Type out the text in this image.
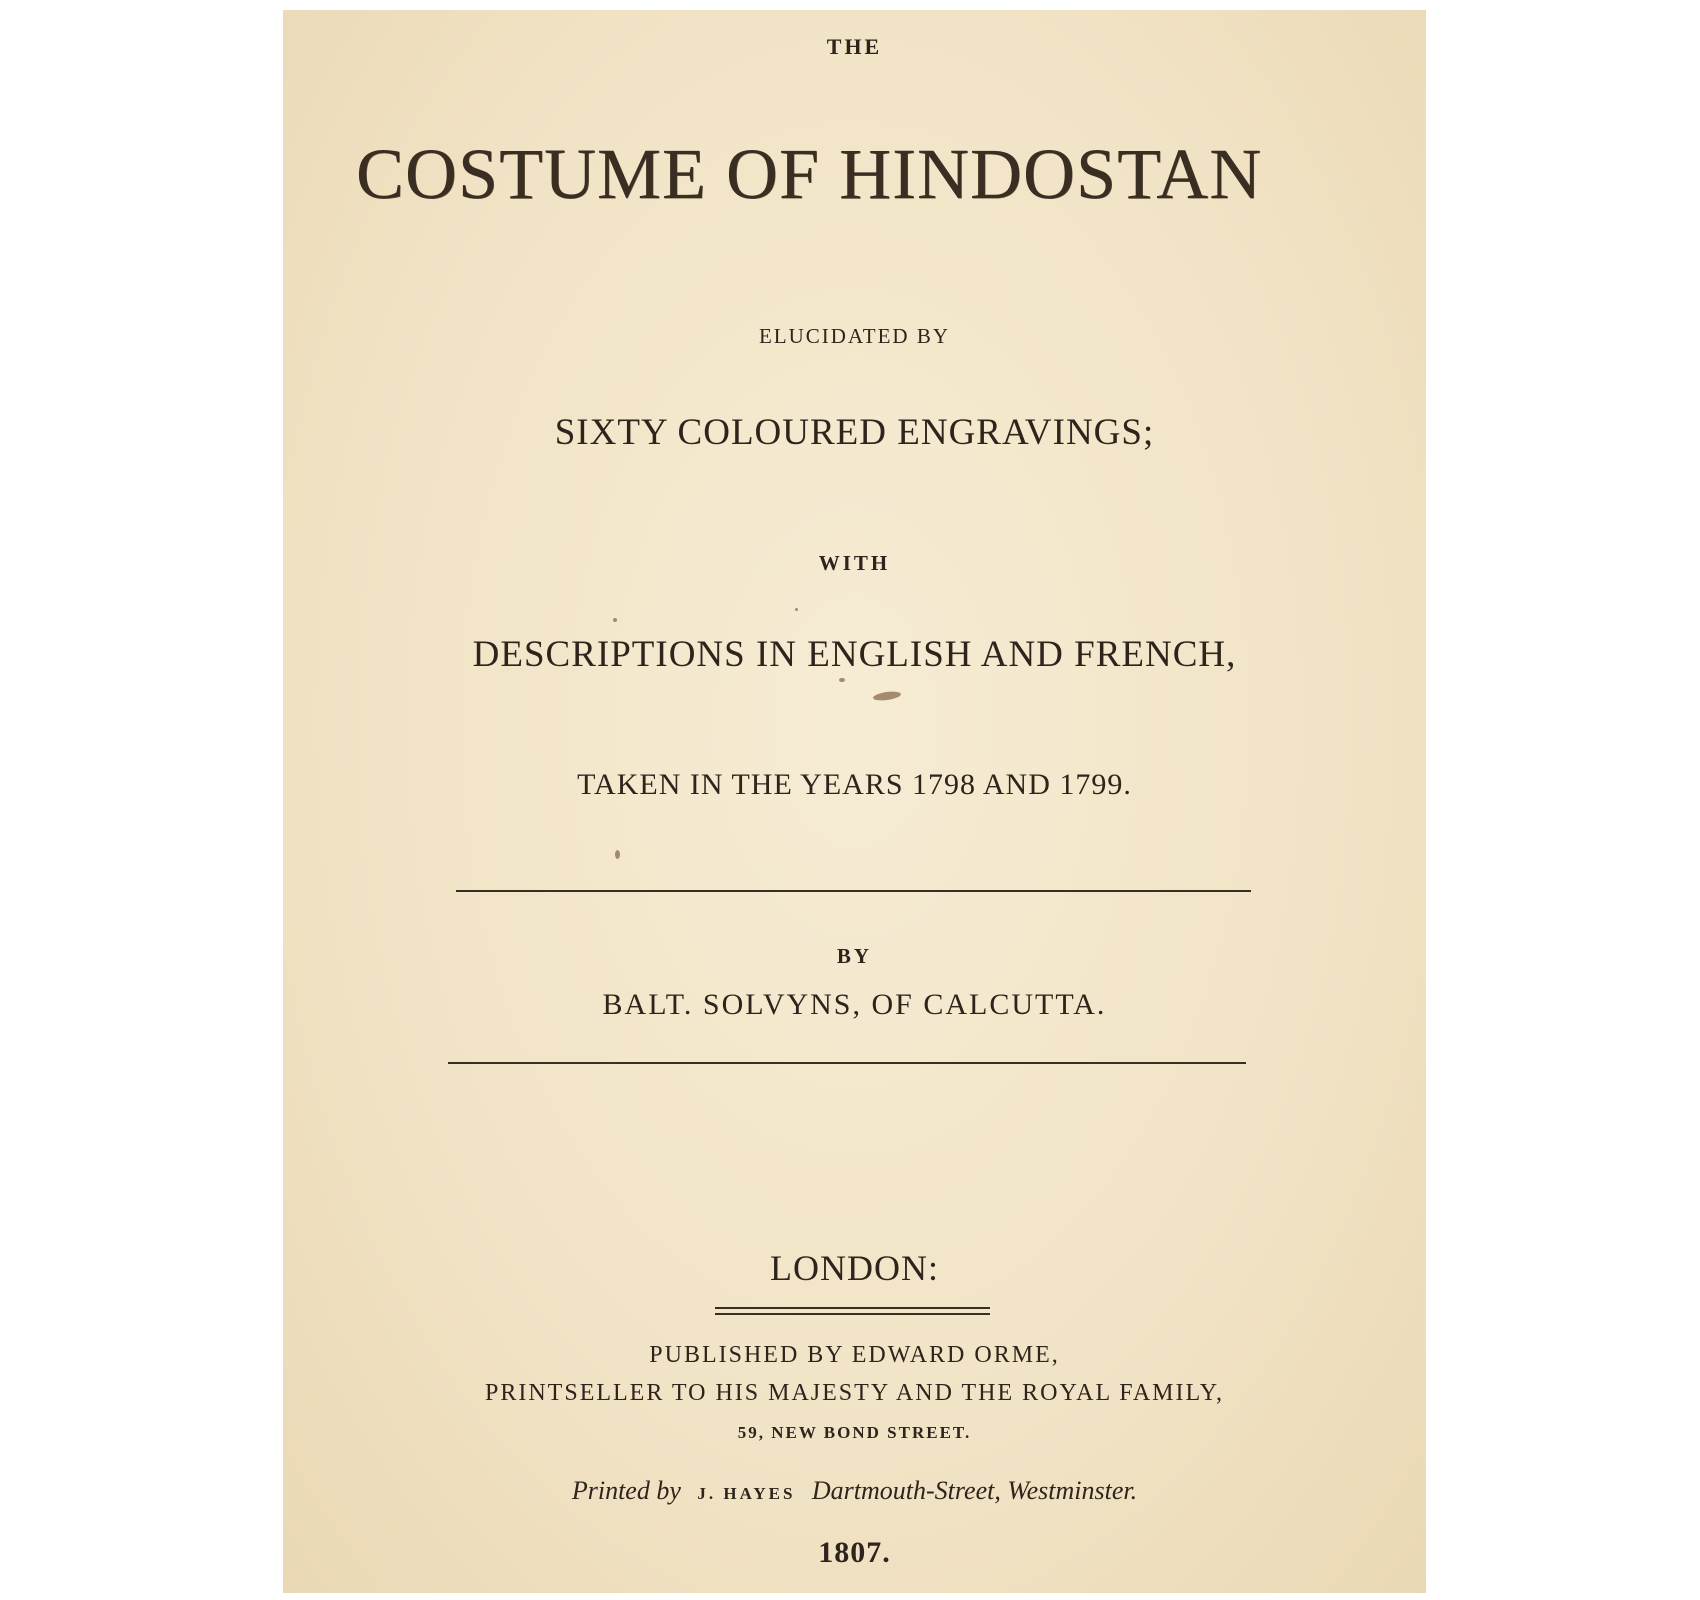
THE
COSTUME OF HINDOSTAN
ELUCIDATED BY
SIXTY COLOURED ENGRAVINGS;
WITH
DESCRIPTIONS IN ENGLISH AND FRENCH,
TAKEN IN THE YEARS 1798 AND 1799.
BY
BALT. SOLVYNS, OF CALCUTTA.
LONDON:
PUBLISHED BY EDWARD ORME,
PRINTSELLER TO HIS MAJESTY AND THE ROYAL FAMILY,
59, NEW BOND STREET.
Printed by J. HAYES Dartmouth-Street, Westminster.
1807.
